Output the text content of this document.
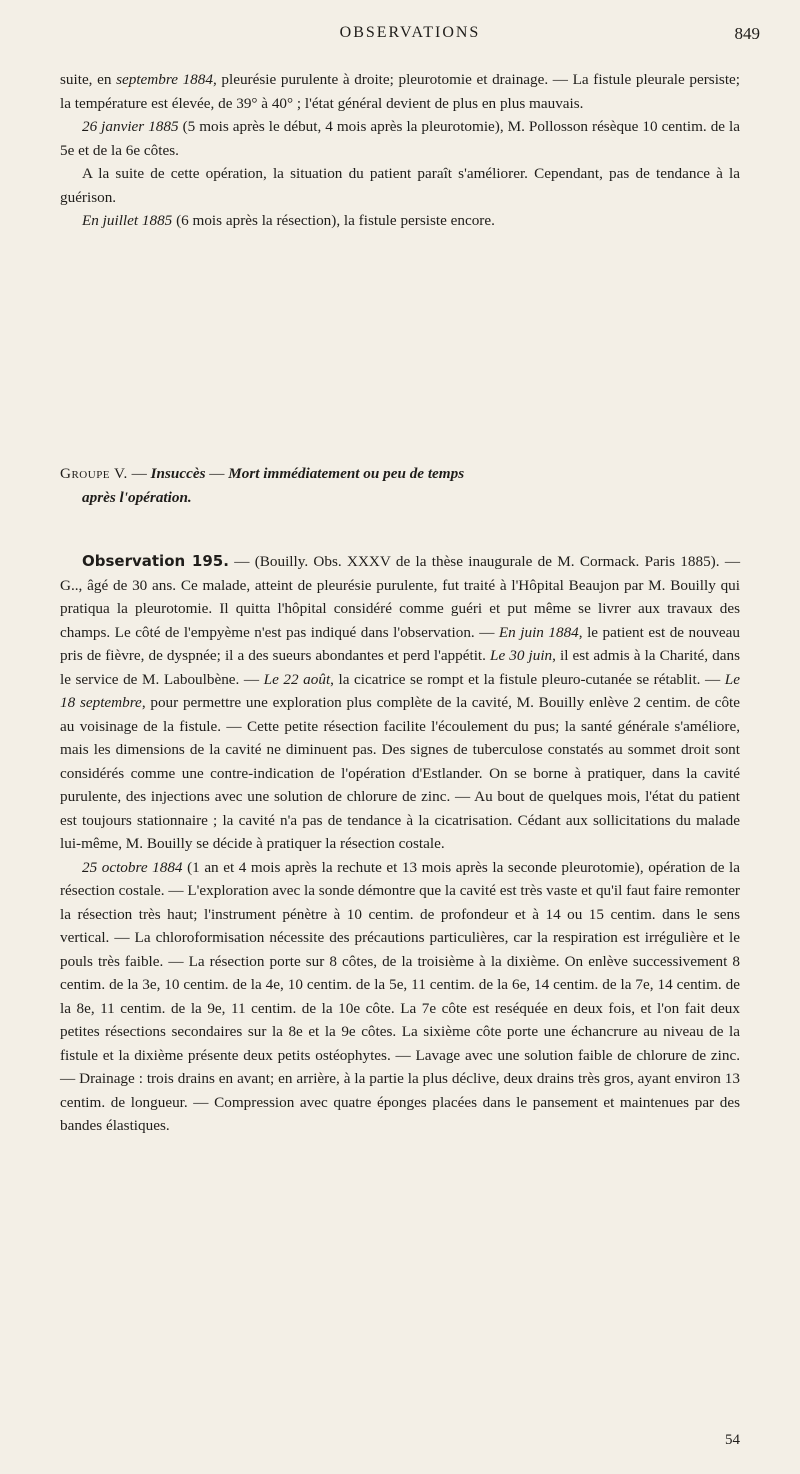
OBSERVATIONS	849

suite, en septembre 1884, pleurésie purulente à droite; pleurotomie et drainage. — La fistule pleurale persiste; la température est élevée, de 39° à 40° ; l'état général devient de plus en plus mauvais.

26 janvier 1885 (5 mois après le début, 4 mois après la pleurotomie), M. Pollosson résèque 10 centim. de la 5e et de la 6e côtes.

A la suite de cette opération, la situation du patient paraît s'améliorer. Cependant, pas de tendance à la guérison.

En juillet 1885 (6 mois après la résection), la fistule persiste encore.

Groupe V. — Insuccès — Mort immédiatement ou peu de temps
après l'opération.

Observation 195. — (Bouilly. Obs. XXXV de la thèse inaugurale de M. Cormack. Paris 1885). — G.., âgé de 30 ans. Ce malade, atteint de pleurésie purulente, fut traité à l'Hôpital Beaujon par M. Bouilly qui pratiqua la pleurotomie. Il quitta l'hôpital considéré comme guéri et put même se livrer aux travaux des champs. Le côté de l'empyème n'est pas indiqué dans l'observation. — En juin 1884, le patient est de nouveau pris de fièvre, de dyspnée; il a des sueurs abondantes et perd l'appétit. Le 30 juin, il est admis à la Charité, dans le service de M. Laboulbène. — Le 22 août, la cicatrice se rompt et la fistule pleuro-cutanée se rétablit. — Le 18 septembre, pour permettre une exploration plus complète de la cavité, M. Bouilly enlève 2 centim. de côte au voisinage de la fistule. — Cette petite résection facilite l'écoulement du pus; la santé générale s'améliore, mais les dimensions de la cavité ne diminuent pas. Des signes de tuberculose constatés au sommet droit sont considérés comme une contre-indication de l'opération d'Estlander. On se borne à pratiquer, dans la cavité purulente, des injections avec une solution de chlorure de zinc. — Au bout de quelques mois, l'état du patient est toujours stationnaire ; la cavité n'a pas de tendance à la cicatrisation. Cédant aux sollicitations du malade lui-même, M. Bouilly se décide à pratiquer la résection costale.

25 octobre 1884 (1 an et 4 mois après la rechute et 13 mois après la seconde pleurotomie), opération de la résection costale. — L'exploration avec la sonde démontre que la cavité est très vaste et qu'il faut faire remonter la résection très haut; l'instrument pénètre à 10 centim. de profondeur et à 14 ou 15 centim. dans le sens vertical. — La chloroformisation nécessite des précautions particulières, car la respiration est irrégulière et le pouls très faible. — La résection porte sur 8 côtes, de la troisième à la dixième. On enlève successivement 8 centim. de la 3e, 10 centim. de la 4e, 10 centim. de la 5e, 11 centim. de la 6e, 14 centim. de la 7e, 14 centim. de la 8e, 11 centim. de la 9e, 11 centim. de la 10e côte. La 7e côte est reséquée en deux fois, et l'on fait deux petites résections secondaires sur la 8e et la 9e côtes. La sixième côte porte une échancrure au niveau de la fistule et la dixième présente deux petits ostéophytes. — Lavage avec une solution faible de chlorure de zinc. — Drainage : trois drains en avant; en arrière, à la partie la plus déclive, deux drains très gros, ayant environ 13 centim. de longueur. — Compression avec quatre éponges placées dans le pansement et maintenues par des bandes élastiques.

54
